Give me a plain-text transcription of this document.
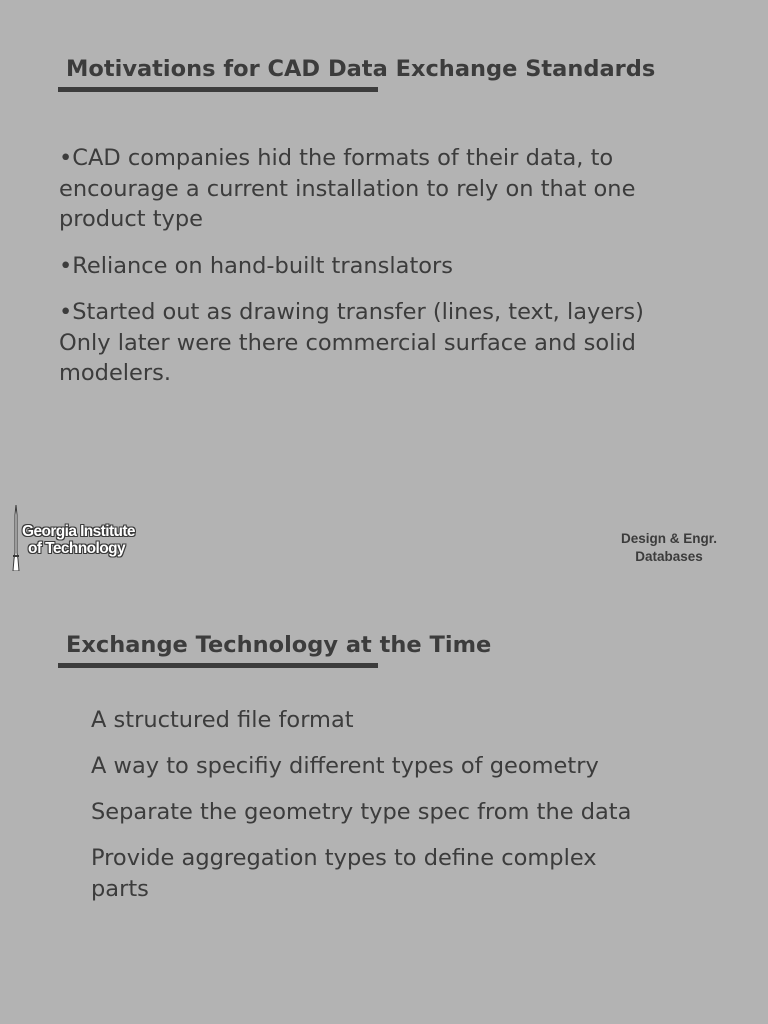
Motivations for CAD Data Exchange Standards
•CAD companies hid the formats of their data, to encourage a current installation to rely on that one product type
•Reliance on hand-built translators
•Started out as drawing transfer (lines, text, layers) Only later were there commercial surface and solid modelers.
Georgia Institute
of Technology
Design & Engr.
Databases
Exchange Technology at the Time
A structured file format
A way to specifiy different types of geometry
Separate the geometry type spec from the data
Provide aggregation types to define complex parts
